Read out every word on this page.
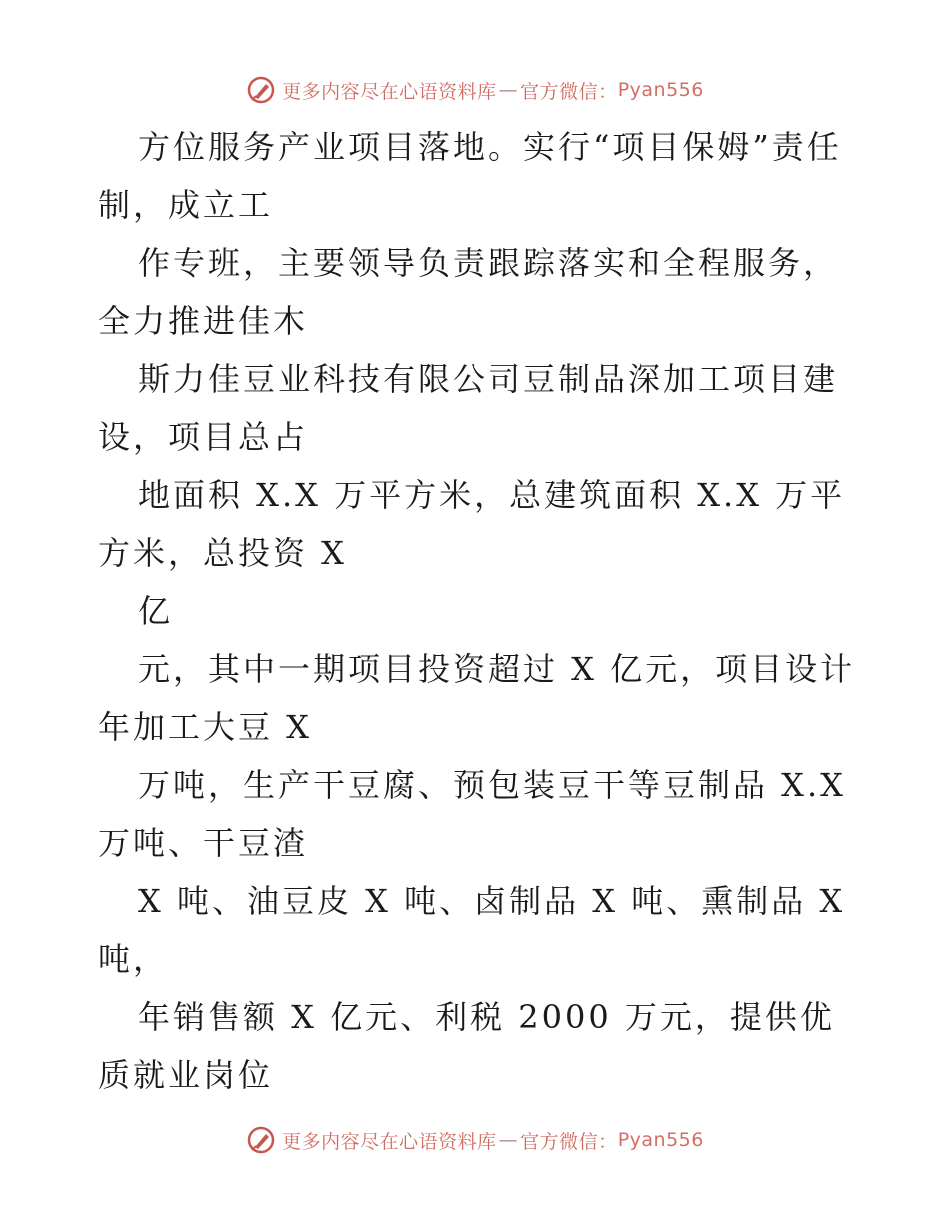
更多内容尽在心语资料库 — 官方微信： Pyan556

方位服务产业项目落地。实行“项目保姆”责任制，成立工

作专班，主要领导负责跟踪落实和全程服务，全力推进佳木

斯力佳豆业科技有限公司豆制品深加工项目建设，项目总占

地面积 X.X 万平方米，总建筑面积 X.X 万平方米，总投资 X

亿

元，其中一期项目投资超过 X 亿元，项目设计年加工大豆 X

万吨，生产干豆腐、预包装豆干等豆制品 X.X 万吨、干豆渣

X 吨、油豆皮 X 吨、卤制品 X 吨、熏制品 X 吨，

年销售额 X 亿元、利税 2000 万元，提供优质就业岗位

更多内容尽在心语资料库 — 官方微信： Pyan556
